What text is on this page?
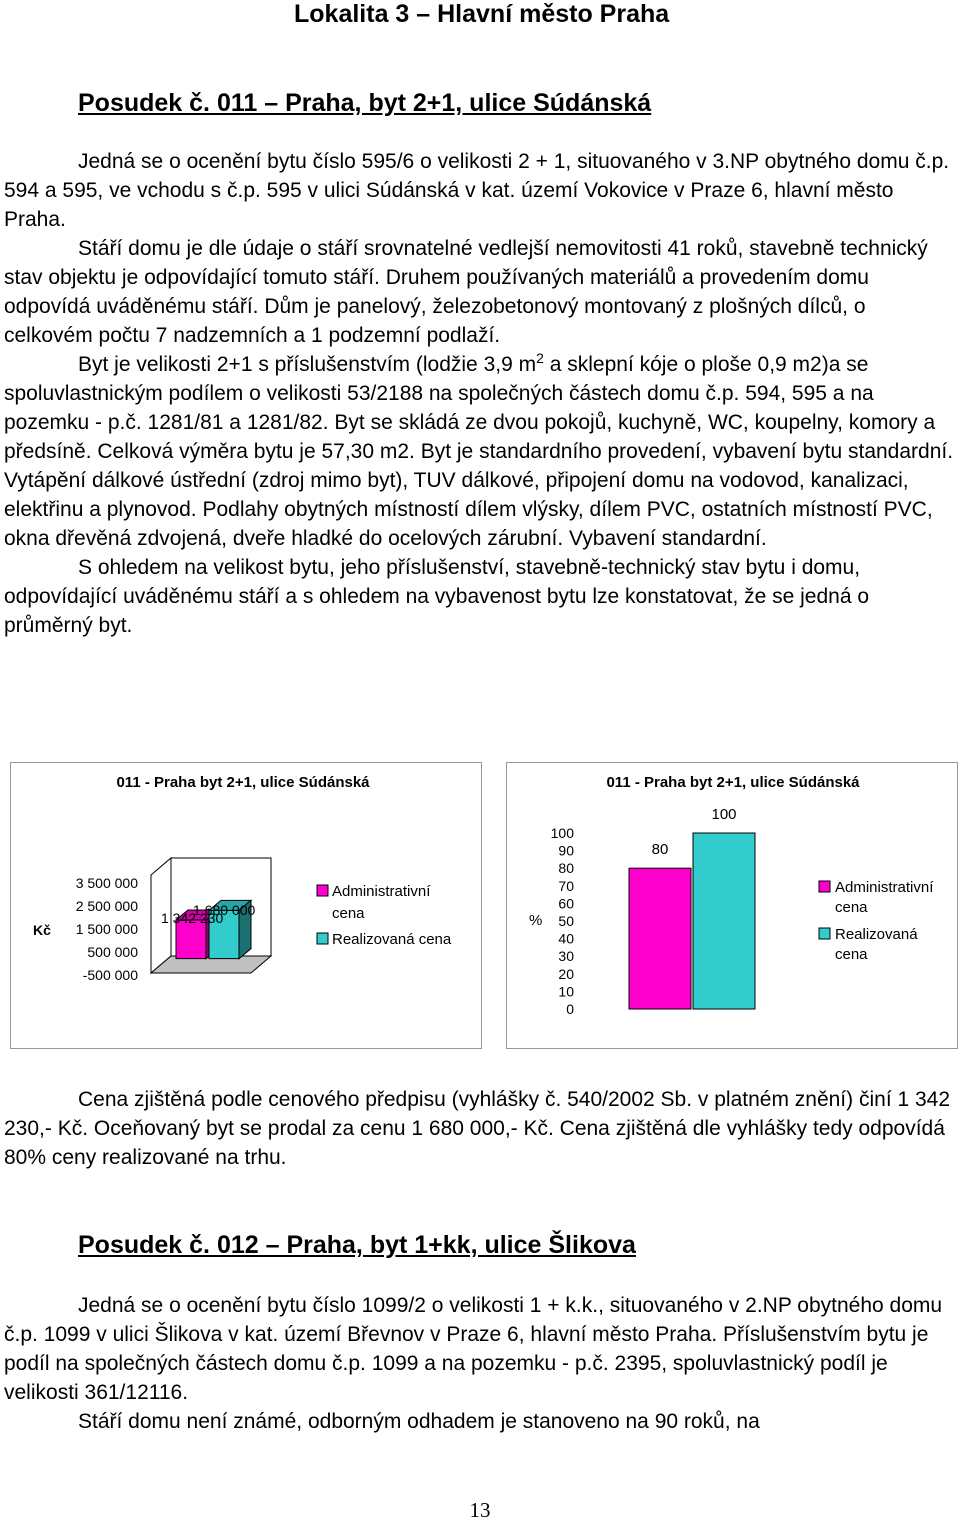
Lokalita 3 – Hlavní město Praha
Posudek č. 011 – Praha, byt 2+1, ulice Súdánská

Jedná se o ocenění bytu číslo 595/6 o velikosti 2 + 1, situovaného v 3.NP obytného domu č.p. 594 a 595, ve vchodu s č.p. 595 v ulici Súdánská v kat. území Vokovice v Praze 6, hlavní město Praha.

Stáří domu je dle údaje o stáří srovnatelné vedlejší nemovitosti 41 roků, stavebně technický stav objektu je odpovídající tomuto stáří. Druhem používaných materiálů a provedením domu odpovídá uváděnému stáří. Dům je panelový, železobetonový montovaný z plošných dílců, o celkovém počtu 7 nadzemních a 1 podzemní podlaží.

Byt je velikosti 2+1 s příslušenstvím (lodžie 3,9 $m^2$ a sklepní kóje o ploše 0,9 m2)a se spoluvlastnickým podílem o velikosti 53/2188 na společných částech domu č.p. 594, 595 a na pozemku - p.č. 1281/81 a 1281/82. Byt se skládá ze dvou pokojů, kuchyně, WC, koupelny, komory a předsíně. Celková výměra bytu je 57,30 m2. Byt je standardního provedení, vybavení bytu standardní. Vytápění dálkové ústřední (zdroj mimo byt), TUV dálkové, připojení domu na vodovod, kanalizaci, elektřinu a plynovod. Podlahy obytných místností dílem vlýsky, dílem PVC, ostatních místností PVC, okna dřevěná zdvojená, dveře hladké do ocelových zárubní. Vybavení standardní.

S ohledem na velikost bytu, jeho příslušenství, stavebně-technický stav bytu i domu, odpovídající uváděnému stáří a s ohledem na vybavenost bytu lze konstatovat, že se jedná o průměrný byt.

011 - Praha byt 2+1, ulice Súdánská
Kč
3 500 000
2 500 000
1 500 000
500 000
-500 000
1 342 230
1 680 000
Administrativní
cena
Realizovaná cena
011 - Praha byt 2+1, ulice Súdánská
%
100
90
80
70
60
50
40
30
20
10
0
80
100
Administrativní
cena
Realizovaná
cena

Cena zjištěná podle cenového předpisu (vyhlášky č. 540/2002 Sb. v platném znění) činí 1 342 230,- Kč. Oceňovaný byt se prodal za cenu 1 680 000,- Kč. Cena zjištěná dle vyhlášky tedy odpovídá 80% ceny realizované na trhu.

Posudek č. 012 – Praha, byt 1+kk, ulice Šlikova

Jedná se o ocenění bytu číslo 1099/2 o velikosti 1 + k.k., situovaného v 2.NP obytného domu č.p. 1099 v ulici Šlikova v kat. území Břevnov v Praze 6, hlavní město Praha. Příslušenstvím bytu je podíl na společných částech domu č.p. 1099 a na pozemku - p.č. 2395, spoluvlastnický podíl je velikosti 361/12116.

Stáří domu není známé, odborným odhadem je stanoveno na 90 roků, na

13
